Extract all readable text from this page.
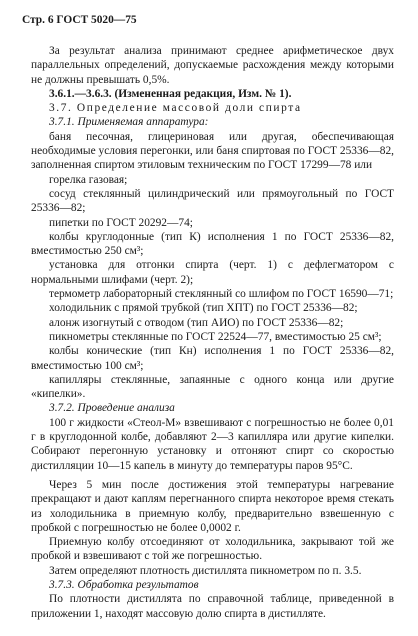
Стр. 6 ГОСТ 5020—75

За результат анализа принимают среднее арифметическое двух параллельных определений, допускаемые расхождения между которыми не должны превышать 0,5%.

3.6.1.—3.6.3. (Измененная редакция, Изм. № 1).

3.7. Определение массовой доли спирта

3.7.1. Применяемая аппаратура:

баня песочная, глицериновая или другая, обеспечивающая необходимые условия перегонки, или баня спиртовая по ГОСТ 25336—82, заполненная спиртом этиловым техническим по ГОСТ 17299—78 или

горелка газовая;

сосуд стеклянный цилиндрический или прямоугольный по ГОСТ 25336—82;

пипетки по ГОСТ 20292—74;

колбы круглодонные (тип К) исполнения 1 по ГОСТ 25336—82, вместимостью 250 см³;

установка для отгонки спирта (черт. 1) с дефлегматором с нормальными шлифами (черт. 2);

термометр лабораторный стеклянный со шлифом по ГОСТ 16590—71;

холодильник с прямой трубкой (тип ХПТ) по ГОСТ 25336—82;

алонж изогнутый с отводом (тип АИО) по ГОСТ 25336—82;

пикнометры стеклянные по ГОСТ 22524—77, вместимостью 25 см³;

колбы конические (тип Кн) исполнения 1 по ГОСТ 25336—82, вместимостью 100 см³;

капилляры стеклянные, запаянные с одного конца или другие «кипелки».

3.7.2. Проведение анализа

100 г жидкости «Стеол-М» взвешивают с погрешностью не более 0,01 г в круглодонной колбе, добавляют 2—3 капилляра или другие кипелки. Собирают перегонную установку и отгоняют спирт со скоростью дистилляции 10—15 капель в минуту до температуры паров 95°С.

Через 5 мин после достижения этой температуры нагревание прекращают и дают каплям перегнанного спирта некоторое время стекать из холодильника в приемную колбу, предварительно взвешенную с пробкой с погрешностью не более 0,0002 г.

Приемную колбу отсоединяют от холодильника, закрывают той же пробкой и взвешивают с той же погрешностью.

Затем определяют плотность дистиллята пикнометром по п. 3.5.

3.7.3. Обработка результатов

По плотности дистиллята по справочной таблице, приведенной в приложении 1, находят массовую долю спирта в дистилляте.
